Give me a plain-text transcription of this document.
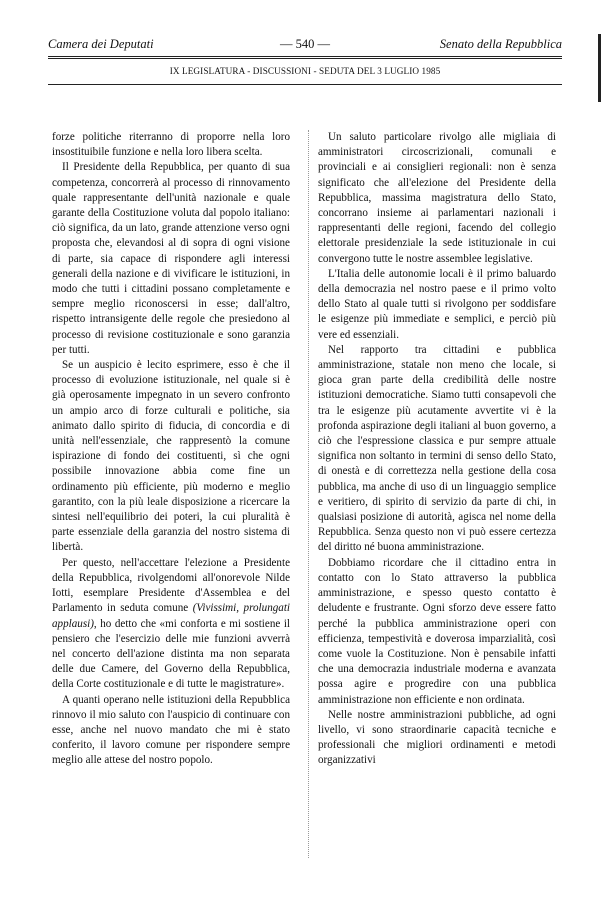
Camera dei Deputati	— 540 —	Senato della Repubblica
IX LEGISLATURA - DISCUSSIONI - SEDUTA DEL 3 LUGLIO 1985

forze politiche riterranno di proporre nella loro insostituibile funzione e nella loro libera scelta.

Il Presidente della Repubblica, per quanto di sua competenza, concorrerà al processo di rinnovamento quale rappresentante dell'unità nazionale e quale garante della Costituzione voluta dal popolo italiano: ciò significa, da un lato, grande attenzione verso ogni proposta che, elevandosi al di sopra di ogni visione di parte, sia capace di rispondere agli interessi generali della nazione e di vivificare le istituzioni, in modo che tutti i cittadini possano completamente e sempre meglio riconoscersi in esse; dall'altro, rispetto intransigente delle regole che presiedono al processo di revisione costituzionale e sono garanzia per tutti.

Se un auspicio è lecito esprimere, esso è che il processo di evoluzione istituzionale, nel quale si è già operosamente impegnato in un severo confronto un ampio arco di forze culturali e politiche, sia animato dallo spirito di fiducia, di concordia e di unità nell'essenziale, che rappresentò la comune ispirazione di fondo dei costituenti, sì che ogni possibile innovazione abbia come fine un ordinamento più efficiente, più moderno e meglio garantito, con la più leale disposizione a ricercare la sintesi nell'equilibrio dei poteri, la cui pluralità è parte essenziale della garanzia del nostro sistema di libertà.

Per questo, nell'accettare l'elezione a Presidente della Repubblica, rivolgendomi all'onorevole Nilde Iotti, esemplare Presidente d'Assemblea e del Parlamento in seduta comune (Vivissimi, prolungati applausi), ho detto che «mi conforta e mi sostiene il pensiero che l'esercizio delle mie funzioni avverrà nel concerto dell'azione distinta ma non separata delle due Camere, del Governo della Repubblica, della Corte costituzionale e di tutte le magistrature».

A quanti operano nelle istituzioni della Repubblica rinnovo il mio saluto con l'auspicio di continuare con esse, anche nel nuovo mandato che mi è stato conferito, il lavoro comune per rispondere sempre meglio alle attese del nostro popolo.

Un saluto particolare rivolgo alle migliaia di amministratori circoscrizionali, comunali e provinciali e ai consiglieri regionali: non è senza significato che all'elezione del Presidente della Repubblica, massima magistratura dello Stato, concorrano insieme ai parlamentari nazionali i rappresentanti delle regioni, facendo del collegio elettorale presidenziale la sede istituzionale in cui convergono tutte le nostre assemblee legislative.

L'Italia delle autonomie locali è il primo baluardo della democrazia nel nostro paese e il primo volto dello Stato al quale tutti si rivolgono per soddisfare le esigenze più immediate e semplici, e perciò più vere ed essenziali.

Nel rapporto tra cittadini e pubblica amministrazione, statale non meno che locale, si gioca gran parte della credibilità delle nostre istituzioni democratiche. Siamo tutti consapevoli che tra le esigenze più acutamente avvertite vi è la profonda aspirazione degli italiani al buon governo, a ciò che l'espressione classica e pur sempre attuale significa non soltanto in termini di senso dello Stato, di onestà e di correttezza nella gestione della cosa pubblica, ma anche di uso di un linguaggio semplice e veritiero, di spirito di servizio da parte di chi, in qualsiasi posizione di autorità, agisca nel nome della Repubblica. Senza questo non vi può essere certezza del diritto né buona amministrazione.

Dobbiamo ricordare che il cittadino entra in contatto con lo Stato attraverso la pubblica amministrazione, e spesso questo contatto è deludente e frustrante. Ogni sforzo deve essere fatto perché la pubblica amministrazione operi con efficienza, tempestività e doverosa imparzialità, così come vuole la Costituzione. Non è pensabile infatti che una democrazia industriale moderna e avanzata possa agire e progredire con una pubblica amministrazione non efficiente e non ordinata.

Nelle nostre amministrazioni pubbliche, ad ogni livello, vi sono straordinarie capacità tecniche e professionali che migliori ordinamenti e metodi organizzativi
